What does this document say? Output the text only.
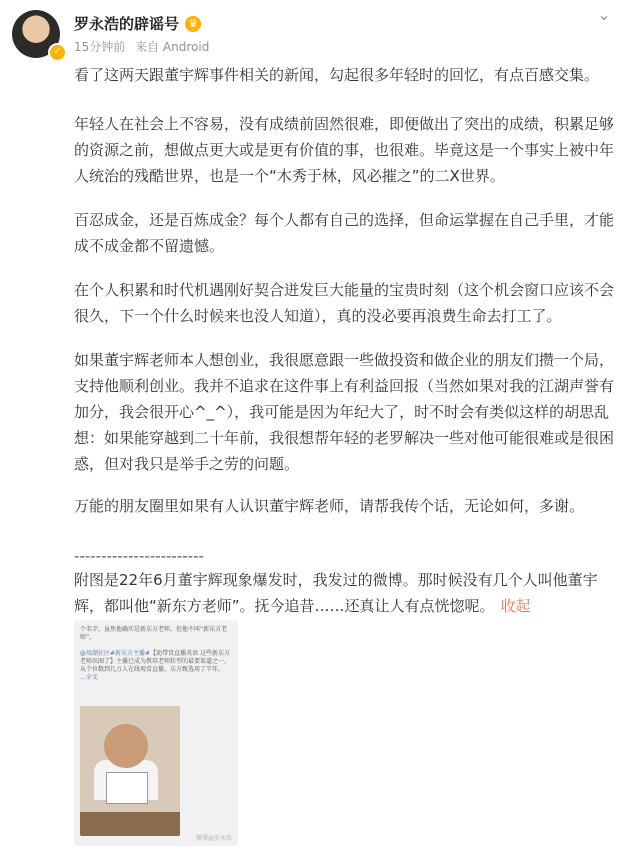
✓
罗永浩的辟谣号 ♛
15分钟前 来自 Android
⌄

看了这两天跟董宇辉事件相关的新闻，勾起很多年轻时的回忆，有点百感交集。

年轻人在社会上不容易，没有成绩前固然很难，即便做出了突出的成绩，积累足够的资源之前，想做点更大或是更有价值的事，也很难。毕竟这是一个事实上被中年人统治的残酷世界，也是一个“木秀于林，风必摧之”的二X世界。

百忍成金，还是百炼成金？每个人都有自己的选择，但命运掌握在自己手里，才能成不成金都不留遗憾。

在个人积累和时代机遇刚好契合迸发巨大能量的宝贵时刻（这个机会窗口应该不会很久，下一个什么时候来也没人知道），真的没必要再浪费生命去打工了。

如果董宇辉老师本人想创业，我很愿意跟一些做投资和做企业的朋友们攒一个局，支持他顺利创业。我并不追求在这件事上有利益回报（当然如果对我的江湖声誉有加分，我会很开心^_^），我可能是因为年纪大了，时不时会有类似这样的胡思乱想：如果能穿越到二十年前，我很想帮年轻的老罗解决一些对他可能很难或是很困惑，但对我只是举手之劳的问题。

万能的朋友圈里如果有人认识董宇辉老师，请帮我传个话，无论如何，多谢。

------------------------

附图是22年6月董宇辉现象爆发时，我发过的微博。那时候没有几个人叫他董宇辉，都叫他“新东方老师”。抚今追昔……还真让人有点恍惚呢。 收起

个名字，虽然他确实是新东方老师，但他不叫“新东方老师”。
@用湖社区#新东方主播#【助带货直播英语 这些新东方老师出圈了】主播已成为教培老师转型的最要渠道之一，从个位数到几万人在线观看直播，东方甄选用了半年。
...全文
微博@罗永浩
